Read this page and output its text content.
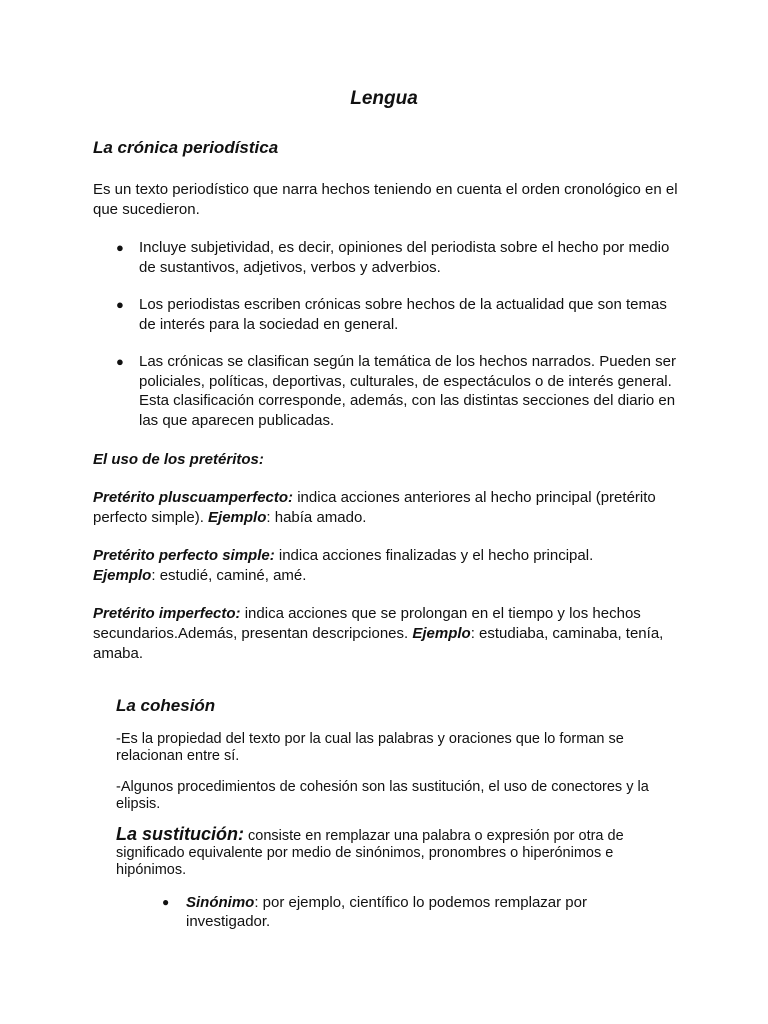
Lengua
La crónica periodística

Es un texto periodístico que narra hechos teniendo en cuenta el orden cronológico en el que sucedieron.

● Incluye subjetividad, es decir, opiniones del periodista sobre el hecho por medio de sustantivos, adjetivos, verbos y adverbios.
● Los periodistas escriben crónicas sobre hechos de la actualidad que son temas de interés para la sociedad en general.
● Las crónicas se clasifican según la temática de los hechos narrados. Pueden ser policiales, políticas, deportivas, culturales, de espectáculos o de interés general. Esta clasificación corresponde, además, con las distintas secciones del diario en las que aparecen publicadas.

El uso de los pretéritos:

Pretérito pluscuamperfecto: indica acciones anteriores al hecho principal (pretérito perfecto simple). Ejemplo: había amado.

Pretérito perfecto simple: indica acciones finalizadas y el hecho principal.
Ejemplo: estudié, caminé, amé.

Pretérito imperfecto: indica acciones que se prolongan en el tiempo y los hechos secundarios.Además, presentan descripciones. Ejemplo: estudiaba, caminaba, tenía, amaba.

La cohesión

-Es la propiedad del texto por la cual las palabras y oraciones que lo forman se relacionan entre sí.

-Algunos procedimientos de cohesión son las sustitución, el uso de conectores y la elipsis.

La sustitución: consiste en remplazar una palabra o expresión por otra de significado equivalente por medio de sinónimos, pronombres o hiperónimos e hipónimos.

● Sinónimo: por ejemplo, científico lo podemos remplazar por investigador.
